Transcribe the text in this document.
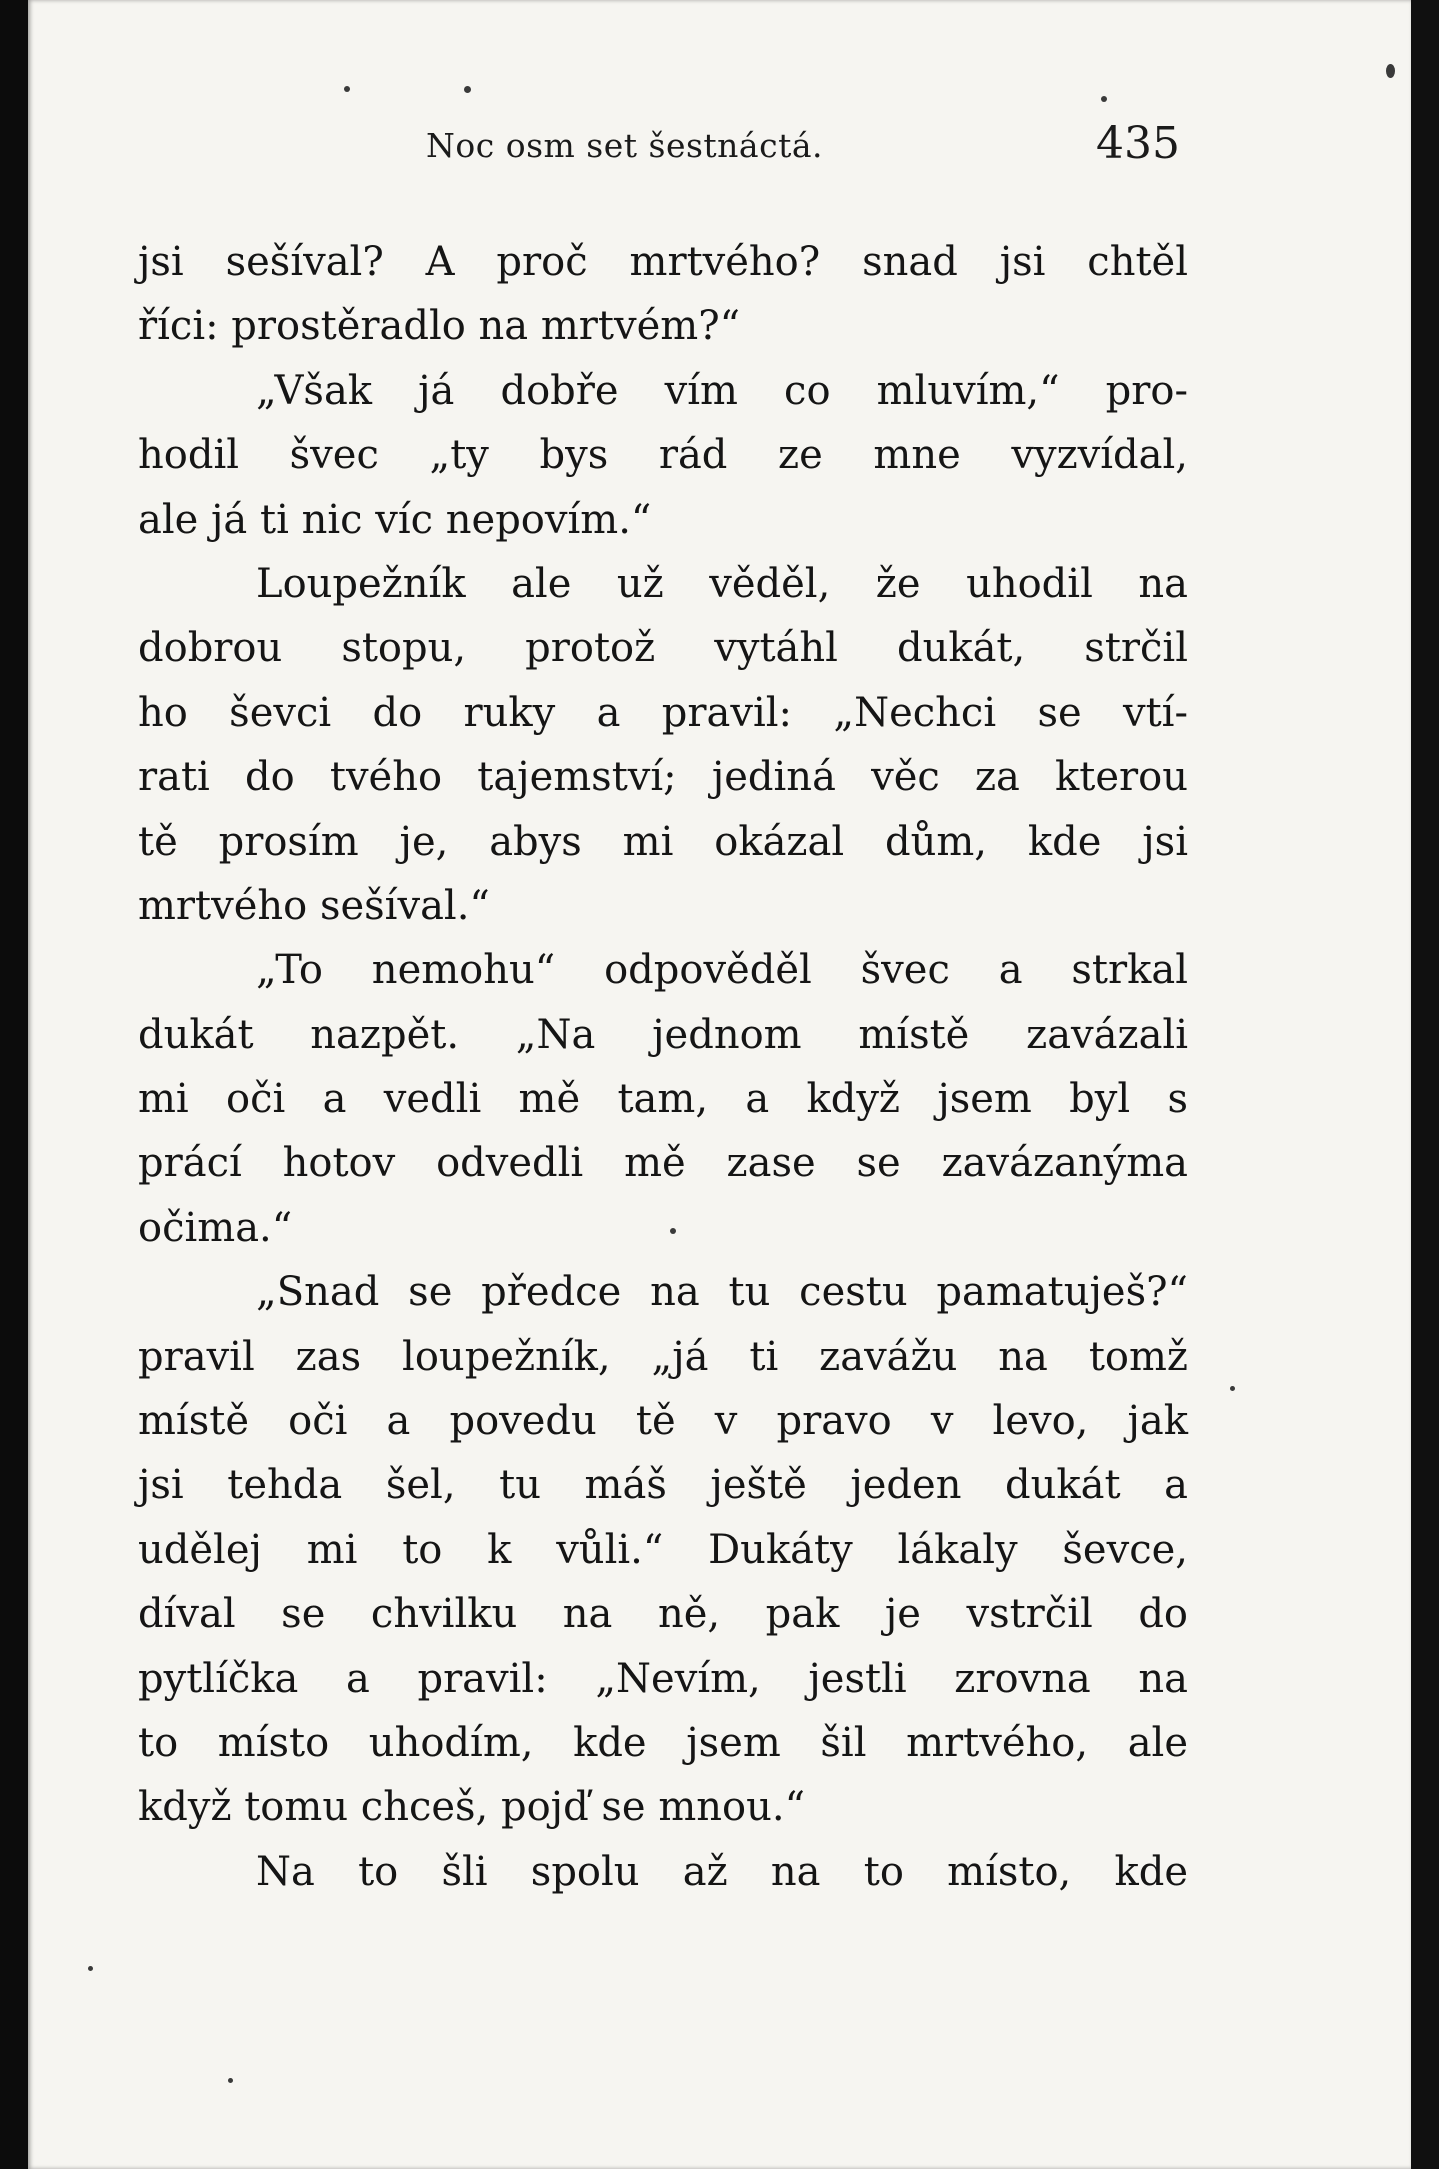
Noc osm set šestnáctá.	435
jsi sešíval? A proč mrtvého? snad jsi chtěl
říci: prostěradlo na mrtvém?“
„Však já dobře vím co mluvím,“ pro-
hodil švec „ty bys rád ze mne vyzvídal,
ale já ti nic víc nepovím.“
Loupežník ale už věděl, že uhodil na
dobrou stopu, protož vytáhl dukát, strčil
ho ševci do ruky a pravil: „Nechci se vtí-
rati do tvého tajemství; jediná věc za kterou
tě prosím je, abys mi okázal dům, kde jsi
mrtvého sešíval.“
„To nemohu“ odpověděl švec a strkal
dukát nazpět. „Na jednom místě zavázali
mi oči a vedli mě tam, a když jsem byl s
prácí hotov odvedli mě zase se zavázanýma
očima.“
„Snad se předce na tu cestu pamatuješ?“
pravil zas loupežník, „já ti zavážu na tomž
místě oči a povedu tě v pravo v levo, jak
jsi tehda šel, tu máš ještě jeden dukát a
udělej mi to k vůli.“ Dukáty lákaly ševce,
díval se chvilku na ně, pak je vstrčil do
pytlíčka a pravil: „Nevím, jestli zrovna na
to místo uhodím, kde jsem šil mrtvého, ale
když tomu chceš, pojď se mnou.“
Na to šli spolu až na to místo, kde
